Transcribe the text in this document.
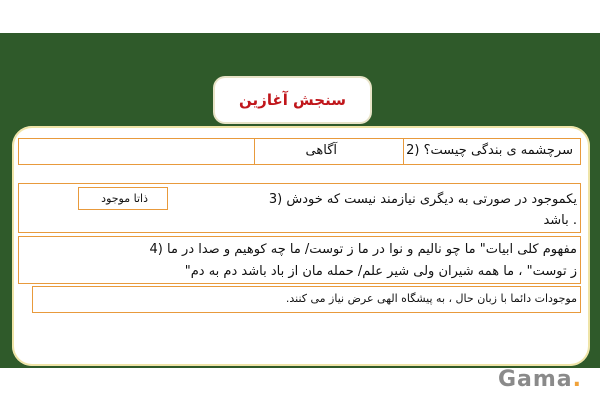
سنجش آغازین
سرچشمه ی بندگی چیست؟ (2
آگاهی
یکموجود در صورتی به دیگری نیازمند نیست که خودش (3
ذاتا موجود
. باشد
مفهوم کلی ابیات" ما چو نالیم و نوا در ما ز توست/ ما چه کوهیم و صدا در ما (4
ز توست" ، ما همه شیران ولی شیر علم/ حمله مان از باد باشد دم به دم"
موجودات دائما با زبان حال ، به پیشگاه الهی عرض نیاز می کنند.
Gama.
